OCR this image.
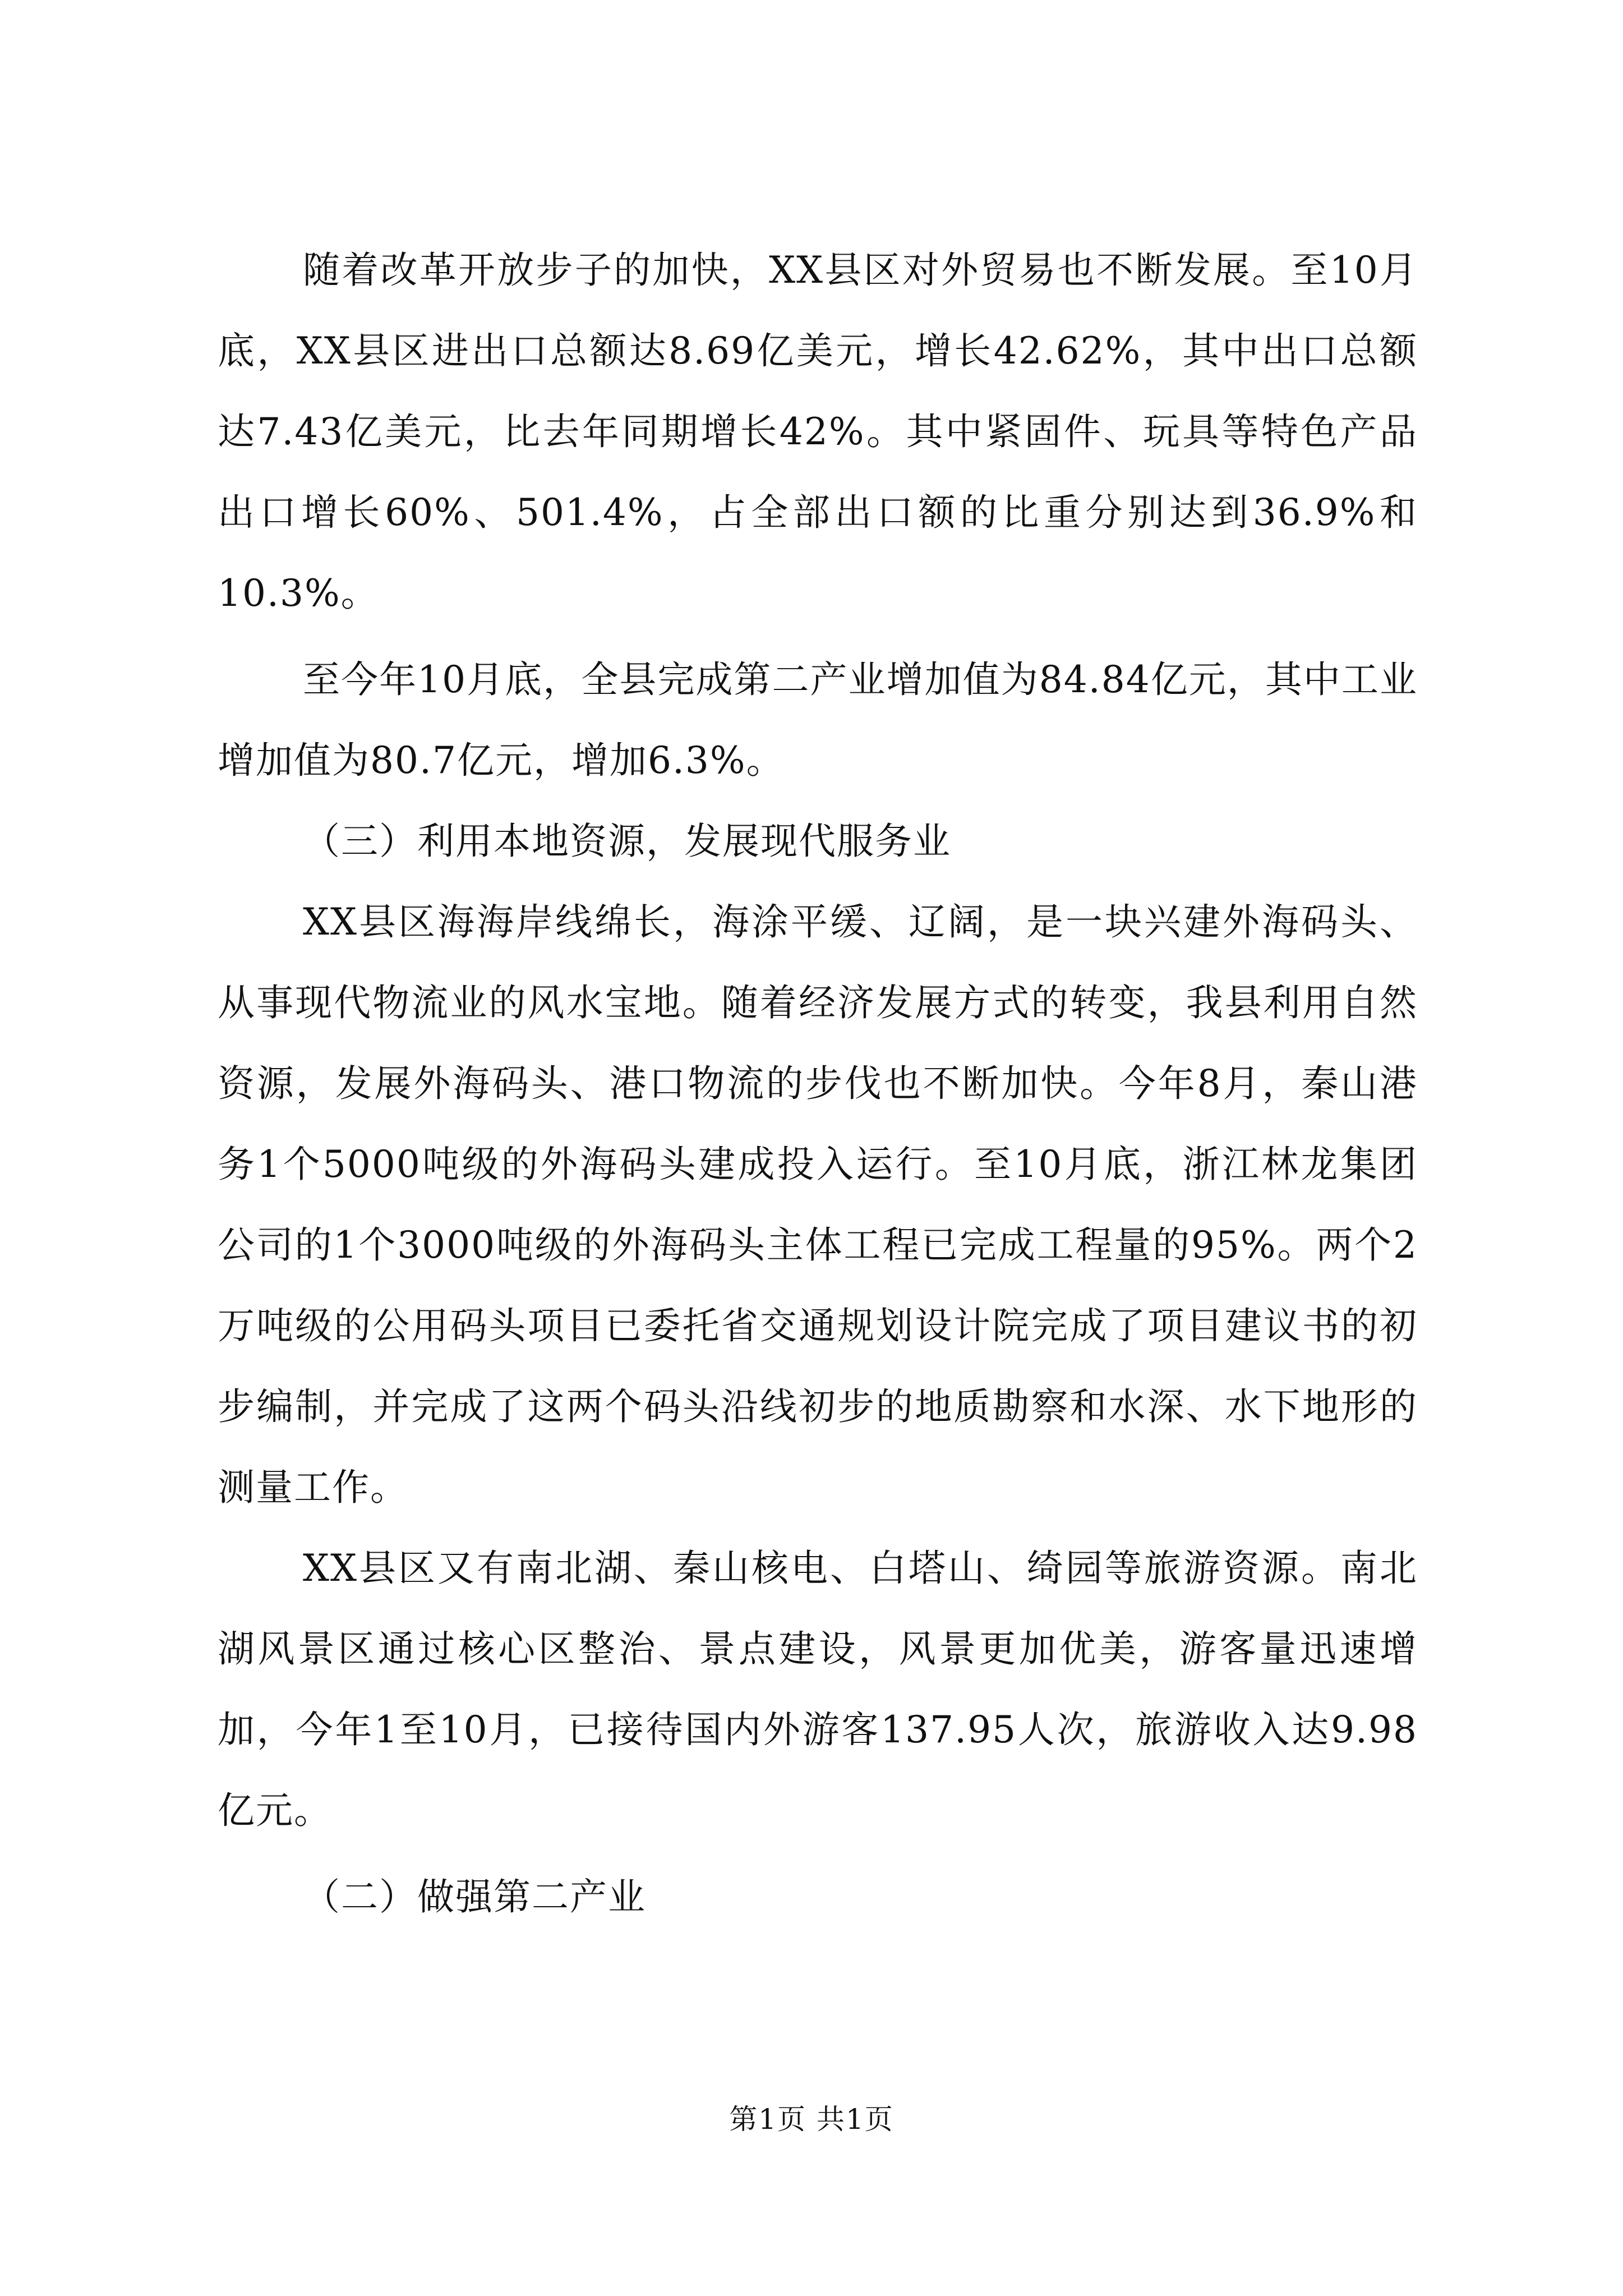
随着改革开放步子的加快，XX县区对外贸易也不断发展。至10月底，XX县区进出口总额达8.69亿美元，增长42.62%，其中出口总额达7.43亿美元，比去年同期增长42%。其中紧固件、玩具等特色产品出口增长60%、501.4%，占全部出口额的比重分别达到36.9%和10.3%。

至今年10月底，全县完成第二产业增加值为84.84亿元，其中工业增加值为80.7亿元，增加6.3%。

（三）利用本地资源，发展现代服务业

XX县区海海岸线绵长，海涂平缓、辽阔，是一块兴建外海码头、从事现代物流业的风水宝地。随着经济发展方式的转变，我县利用自然资源，发展外海码头、港口物流的步伐也不断加快。今年8月，秦山港务1个5000吨级的外海码头建成投入运行。至10月底，浙江林龙集团公司的1个3000吨级的外海码头主体工程已完成工程量的95%。两个2万吨级的公用码头项目已委托省交通规划设计院完成了项目建议书的初步编制，并完成了这两个码头沿线初步的地质勘察和水深、水下地形的测量工作。

XX县区又有南北湖、秦山核电、白塔山、绮园等旅游资源。南北湖风景区通过核心区整治、景点建设，风景更加优美，游客量迅速增加，今年1至10月，已接待国内外游客137.95人次，旅游收入达9.98亿元。

（二）做强第二产业

第1页 共1页
